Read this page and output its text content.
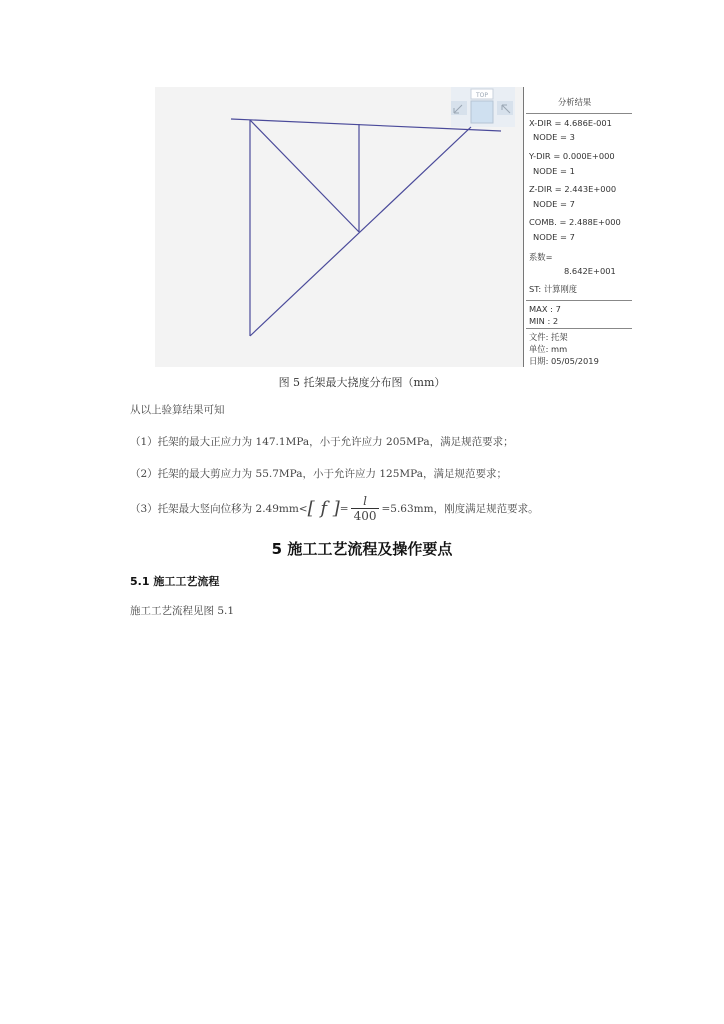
TOP
分析结果
X-DIR = 4.686E-001
NODE = 3
Y-DIR = 0.000E+000
NODE = 1
Z-DIR = 2.443E+000
NODE = 7
COMB. = 2.488E+000
NODE = 7
系数=
8.642E+001
ST: 计算刚度
MAX : 7
MIN : 2
文件: 托架
单位: mm
日期: 05/05/2019
图 5 托架最大挠度分布图（mm）
从以上验算结果可知
（1）托架的最大正应力为 147.1MPa，小于允许应力 205MPa，满足规范要求；
（2）托架的最大剪应力为 55.7MPa，小于允许应力 125MPa，满足规范要求；
（3）托架最大竖向位移为 2.49mm<[ f ]= $\frac{l}{400} =5.63mm$，刚度满足规范要求。
5 施工工艺流程及操作要点
5.1 施工工艺流程
施工工艺流程见图 5.1
